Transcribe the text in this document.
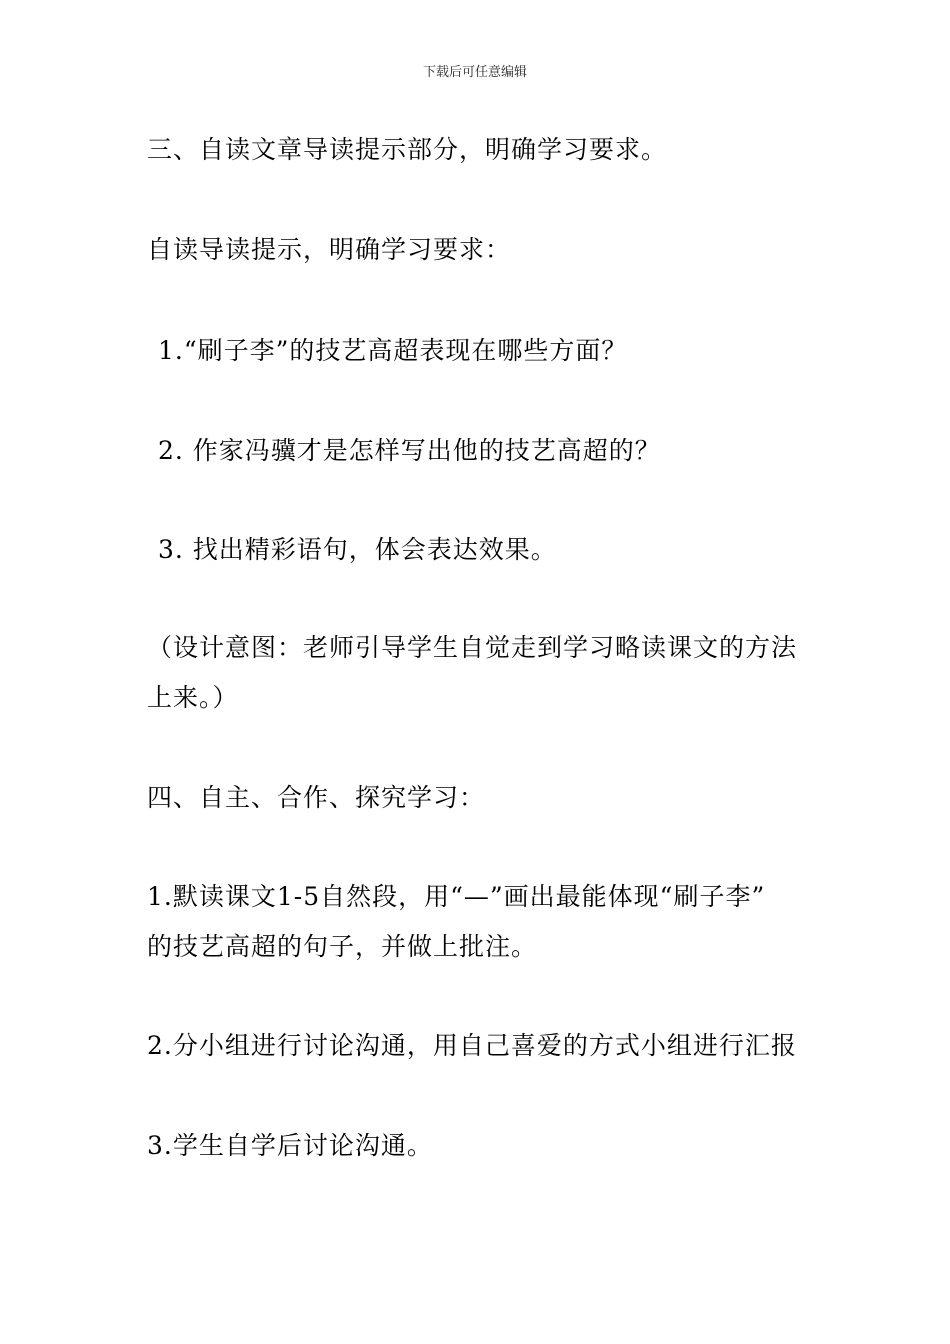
下载后可任意编辑
三、自读文章导读提示部分，明确学习要求。
自读导读提示，明确学习要求：
1.“刷子李”的技艺高超表现在哪些方面？
2. 作家冯骥才是怎样写出他的技艺高超的？
3. 找出精彩语句，体会表达效果。
（设计意图：老师引导学生自觉走到学习略读课文的方法
上来。）
四、自主、合作、探究学习：
1.默读课文1-5自然段，用“—”画出最能体现“刷子李”
的技艺高超的句子，并做上批注。
2.分小组进行讨论沟通，用自己喜爱的方式小组进行汇报
3.学生自学后讨论沟通。
